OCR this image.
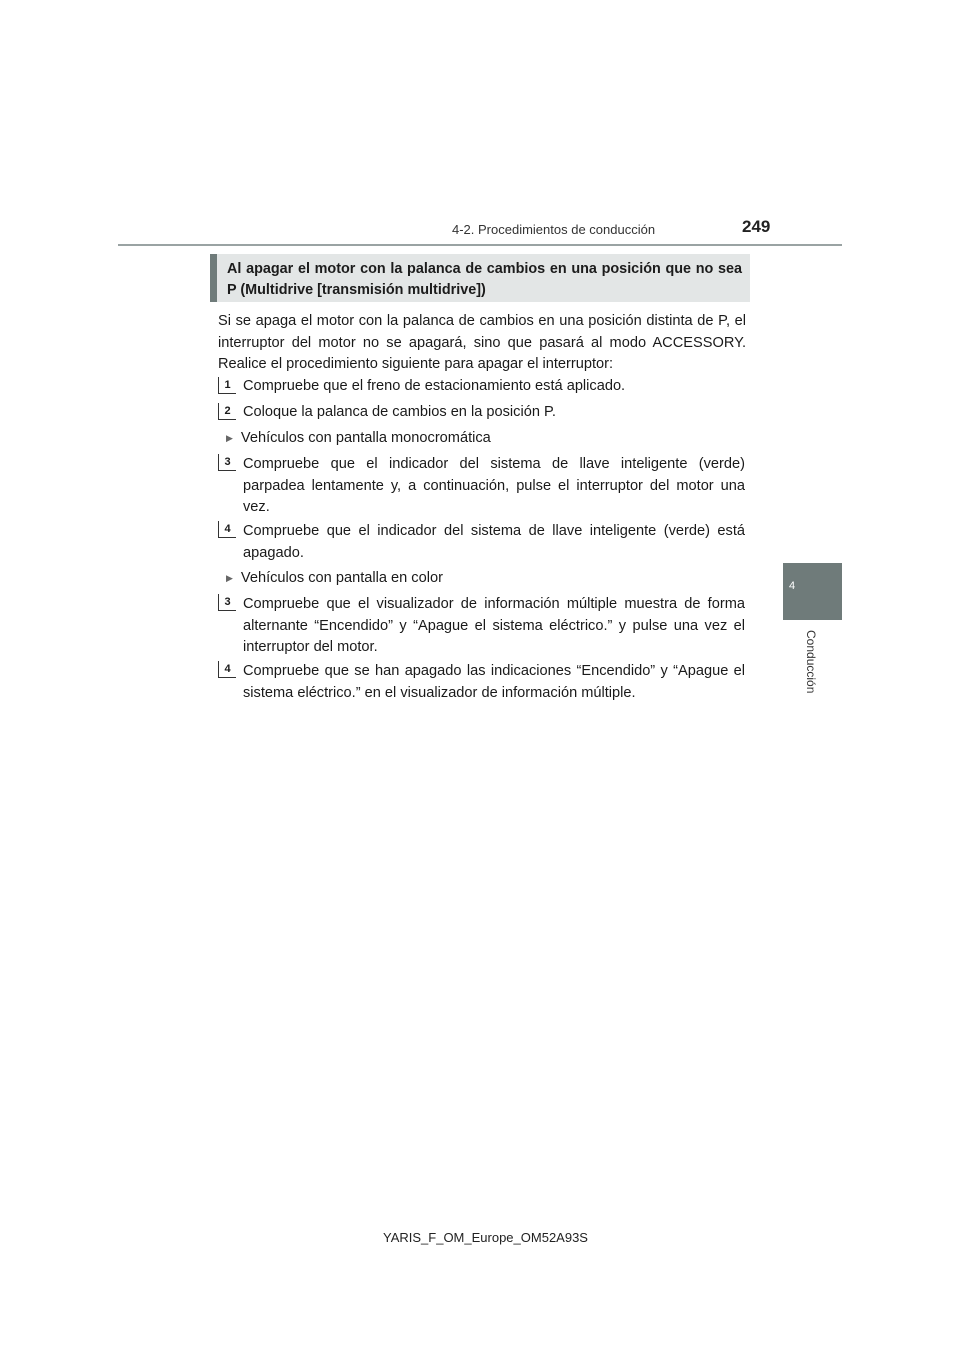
4-2. Procedimientos de conducción	249
4
Conducción
Al apagar el motor con la palanca de cambios en una posición que no sea P (Multidrive [transmisión multidrive])
Si se apaga el motor con la palanca de cambios en una posición distinta de P, el interruptor del motor no se apagará, sino que pasará al modo ACCESSORY. Realice el procedimiento siguiente para apagar el interruptor:
1 Compruebe que el freno de estacionamiento está aplicado.
2 Coloque la palanca de cambios en la posición P.
▶ Vehículos con pantalla monocromática
3 Compruebe que el indicador del sistema de llave inteligente (verde) parpadea lentamente y, a continuación, pulse el interruptor del motor una vez.
4 Compruebe que el indicador del sistema de llave inteligente (verde) está apagado.
▶ Vehículos con pantalla en color
3 Compruebe que el visualizador de información múltiple muestra de forma alternante “Encendido” y “Apague el sistema eléctrico.” y pulse una vez el interruptor del motor.
4 Compruebe que se han apagado las indicaciones “Encendido” y “Apague el sistema eléctrico.” en el visualizador de información múltiple.
YARIS_F_OM_Europe_OM52A93S
